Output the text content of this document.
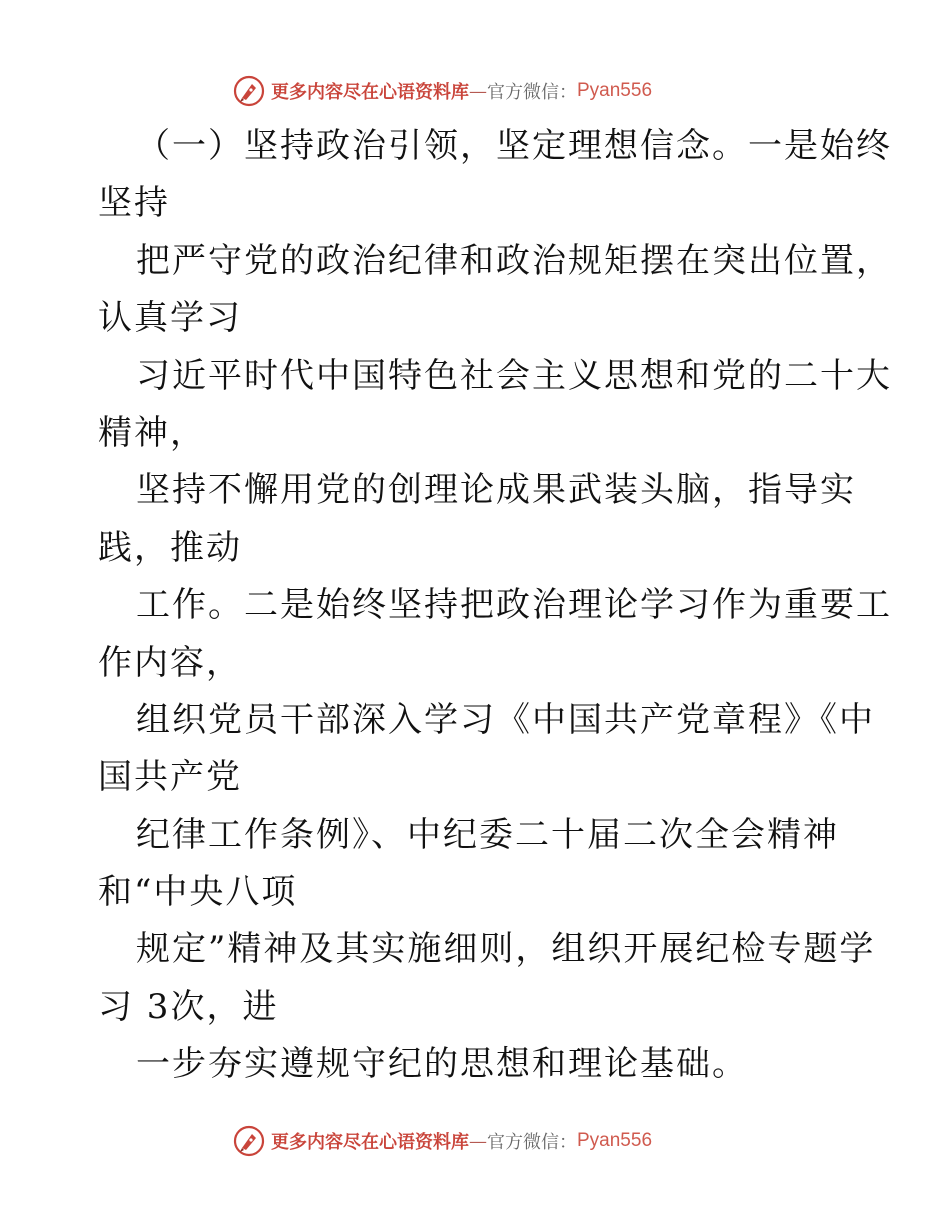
更多内容尽在心语资料库 — 官方微信： Pyan556
（一）坚持政治引领，坚定理想信念。一是始终
坚持
把严守党的政治纪律和政治规矩摆在突出位置，
认真学习
习近平时代中国特色社会主义思想和党的二十大
精神，
坚持不懈用党的创理论成果武装头脑，指导实
践，推动
工作。二是始终坚持把政治理论学习作为重要工
作内容，
组织党员干部深入学习《中国共产党章程》《中
国共产党
纪律工作条例》、中纪委二十届二次全会精神
和“中央八项
规定”精神及其实施细则，组织开展纪检专题学
习 3次，进
一步夯实遵规守纪的思想和理论基础。
更多内容尽在心语资料库 — 官方微信： Pyan556
